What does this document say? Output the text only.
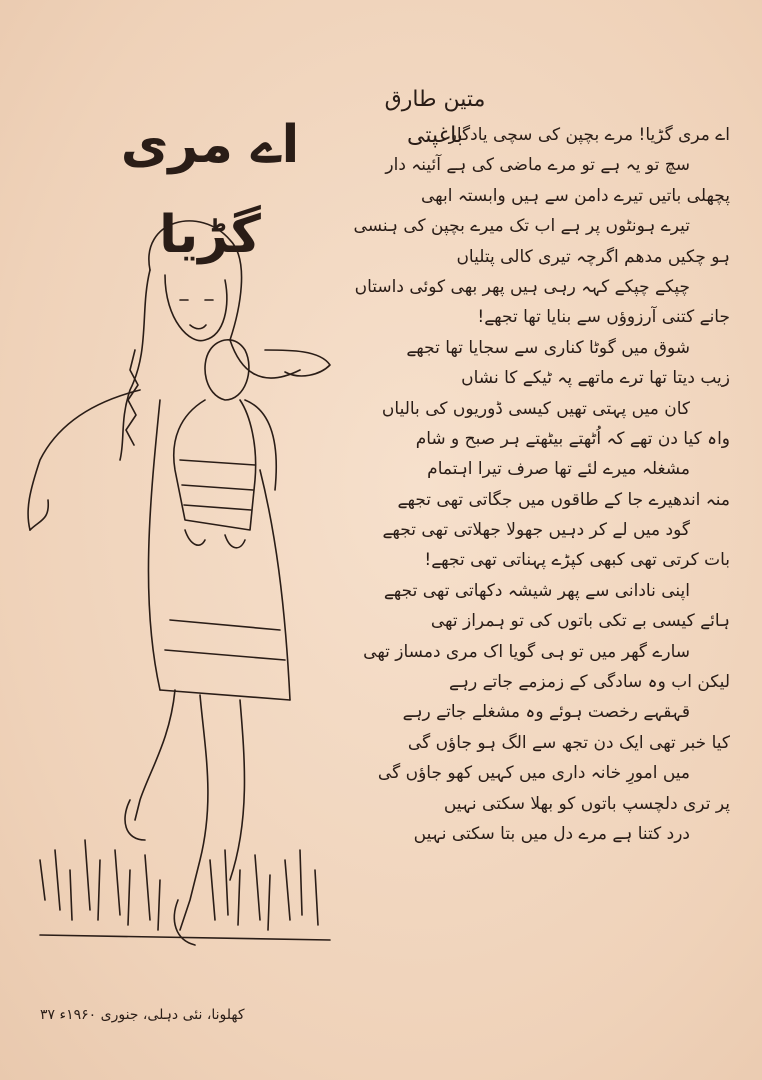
متین طارق باغپتی
اے مری گڑیا
اے مری گڑیا! مرے بچپن کی سچی یادگار
سچ تو یہ ہے تو مرے ماضی کی ہے آئینہ دار
پچھلی باتیں تیرے دامن سے ہیں وابستہ ابھی
تیرے ہونٹوں پر ہے اب تک میرے بچپن کی ہنسی
ہو چکیں مدھم اگرچہ تیری کالی پتلیاں
چپکے چپکے کہہ رہی ہیں پھر بھی کوئی داستاں
جانے کتنی آرزوؤں سے بنایا تھا تجھے!
شوق میں گوٹا کناری سے سجایا تھا تجھے
زیب دیتا تھا ترے ماتھے پہ ٹیکے کا نشاں
کان میں پہتی تھیں کیسی ڈوریوں کی بالیاں
واہ کیا دن تھے کہ اُٹھتے بیٹھتے ہر صبح و شام
مشغلہ میرے لئے تھا صرف تیرا اہتمام
منہ اندھیرے جا کے طاقوں میں جگاتی تھی تجھے
گود میں لے کر دہیں جھولا جھلاتی تھی تجھے
بات کرتی تھی کبھی کپڑے پہناتی تھی تجھے!
اپنی نادانی سے پھر شیشہ دکھاتی تھی تجھے
ہائے کیسی بے تکی باتوں کی تو ہمراز تھی
سارے گھر میں تو ہی گویا اک مری دمساز تھی
لیکن اب وہ سادگی کے زمزمے جاتے رہے
قہقہے رخصت ہوئے وہ مشغلے جاتے رہے
کیا خبر تھی ایک دن تجھ سے الگ ہو جاؤں گی
میں امورِ خانہ داری میں کہیں کھو جاؤں گی
پر تری دلچسپ باتوں کو بھلا سکتی نہیں
درد کتنا ہے مرے دل میں بتا سکتی نہیں
کھلونا، نئی دہلی، جنوری ۱۹۶۰ء ۳۷
